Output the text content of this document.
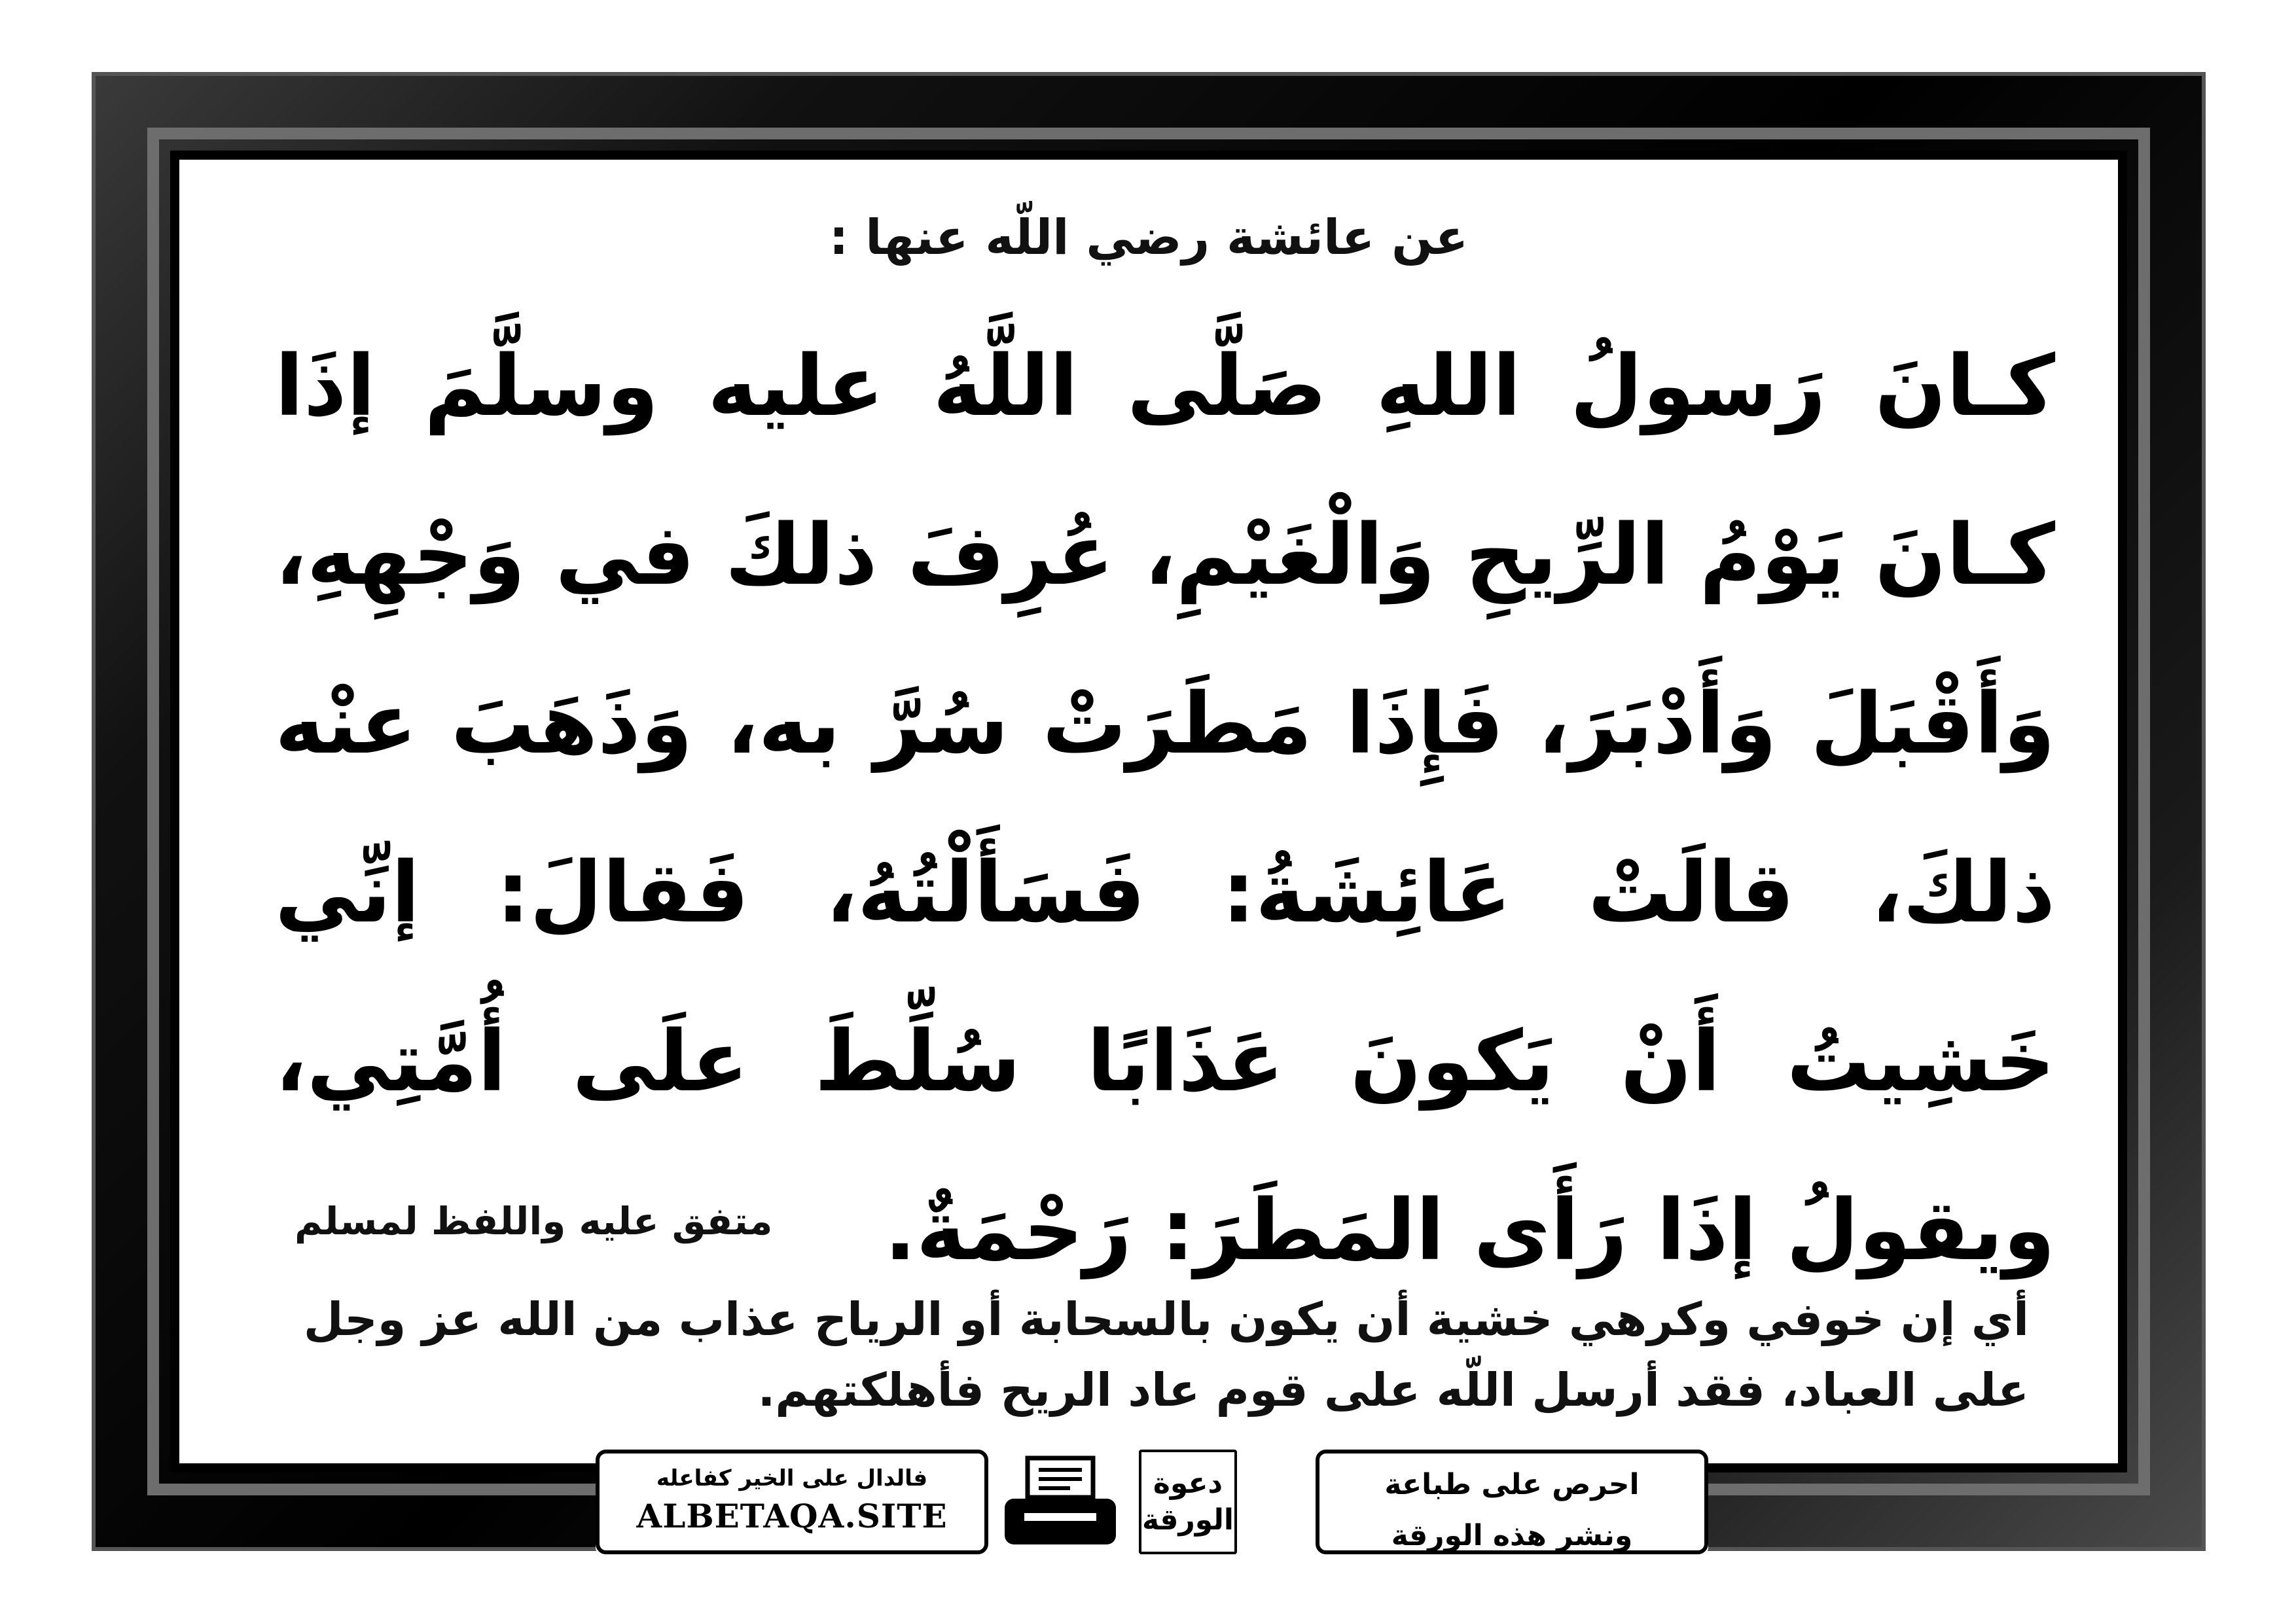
عن عائشة رضي اللّه عنها :
كـانَ رَسولُ اللهِ صَلَّى اللَّهُ عليه وسلَّمَ إذَا كـانَ يَوْمُ الرِّيحِ وَالْغَيْمِ، عُرِفَ ذلكَ في وَجْهِهِ، وَأَقْبَلَ وَأَدْبَرَ، فَإِذَا مَطَرَتْ سُرَّ به، وَذَهَبَ عنْه ذلكَ، قالَتْ عَائِشَةُ: فَسَأَلْتُهُ، فَقالَ: إنِّي خَشِيتُ أَنْ يَكونَ عَذَابًا سُلِّطَ علَى أُمَّتِي، ويقولُ إذَا رَأَى المَطَرَ: رَحْمَةٌ.
متفق عليه واللفظ لمسلم
أي إن خوفي وكرهي خشية أن يكون بالسحابة أو الرياح عذاب من الله عز وجل على العباد، فقد أرسل اللّه على قوم عاد الريح فأهلكتهم.
فالدال على الخير كفاعله
ALBETAQA.SITE
دعوة الورقة
احرص على طباعة
ونشر هذه الورقة
